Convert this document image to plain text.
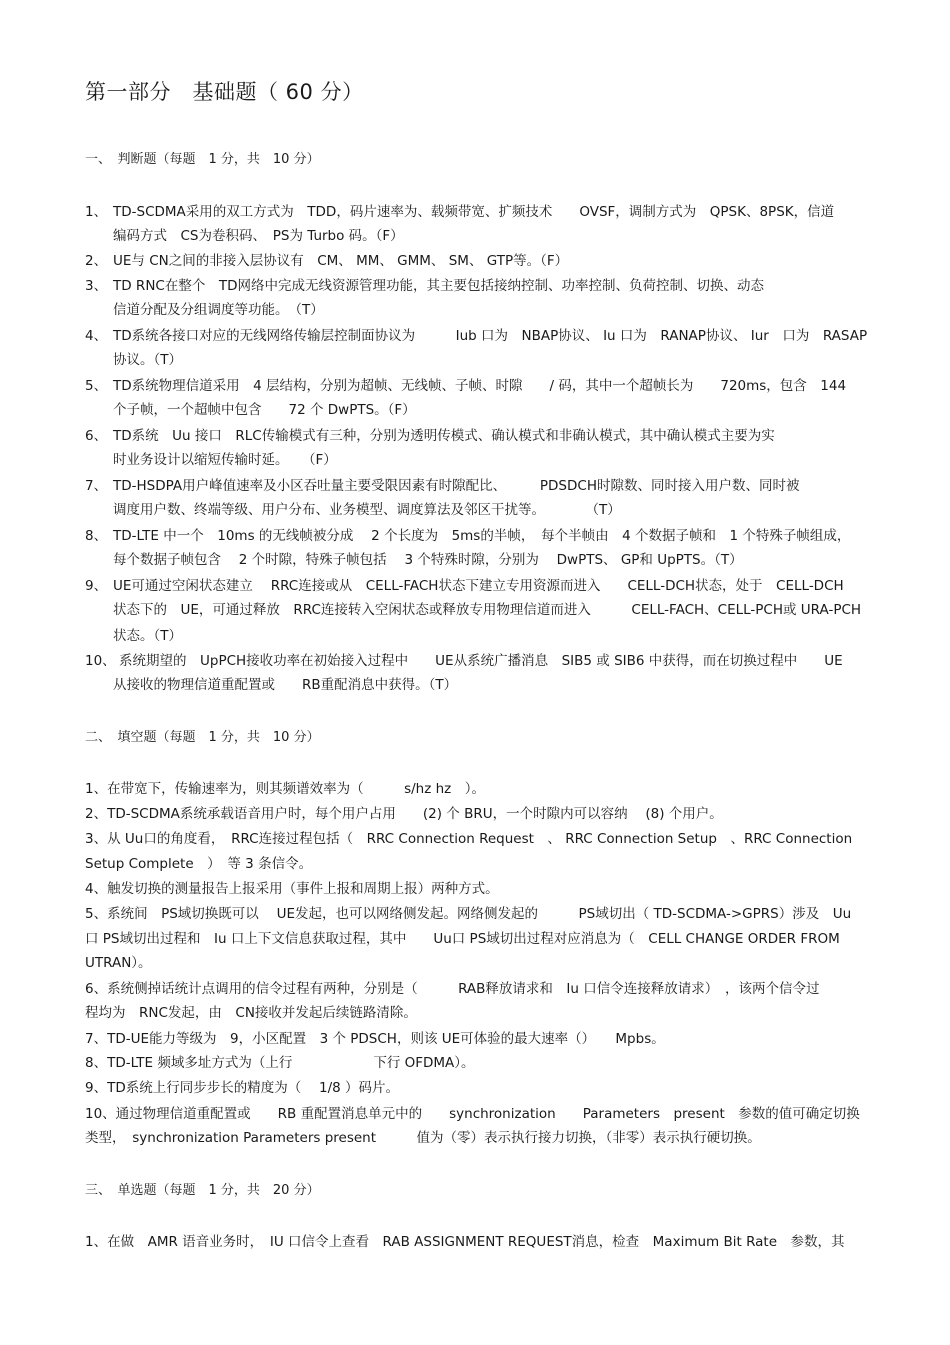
第一部分　基础题（ 60 分）
一、　判断题（每题　1 分，共　10 分）
1、 TD-SCDMA采用的双工方式为　TDD，码片速率为、载频带宽、扩频技术　　OVSF，调制方式为　QPSK、8PSK，信道
编码方式　CS为卷积码、　PS为 Turbo 码。（F）
2、 UE与 CN之间的非接入层协议有　CM、 MM、 GMM、 SM、 GTP等。（F）
3、 TD RNC在整个　TD网络中完成无线资源管理功能，其主要包括接纳控制、功率控制、负荷控制、切换、动态
信道分配及分组调度等功能。　（T）
4、 TD系统各接口对应的无线网络传输层控制面协议为　　　Iub 口为　NBAP协议、 Iu 口为　RANAP协议、 Iur　口为　RASAP
协议。（T）
5、 TD系统物理信道采用　4 层结构，分别为超帧、无线帧、子帧、时隙　　/ 码，其中一个超帧长为　　720ms，包含　144
个子帧，一个超帧中包含　　72 个 DwPTS。（F）
6、 TD系统　Uu 接口　RLC传输模式有三种，分别为透明传模式、确认模式和非确认模式，其中确认模式主要为实
时业务设计以缩短传输时延。　　（F）
7、 TD-HSDPA用户峰值速率及小区吞吐量主要受限因素有时隙配比、　　　PDSDCH时隙数、同时接入用户数、同时被
调度用户数、终端等级、用户分布、业务模型、调度算法及邻区干扰等。　　　　（T）
8、 TD-LTE 中一个　10ms 的无线帧被分成　 2 个长度为　5ms的半帧，　每个半帧由　4 个数据子帧和　1 个特殊子帧组成，
每个数据子帧包含　 2 个时隙，特殊子帧包括　 3 个特殊时隙，分别为　 DwPTS、 GP和 UpPTS。（T）
9、 UE可通过空闲状态建立　 RRC连接或从　CELL-FACH状态下建立专用资源而进入　　CELL-DCH状态，处于　CELL-DCH
状态下的　UE，可通过释放　RRC连接转入空闲状态或释放专用物理信道而进入　　　CELL-FACH、CELL-PCH或 URA-PCH
状态。（T）
10、 系统期望的　UpPCH接收功率在初始接入过程中　　UE从系统广播消息　SIB5 或 SIB6 中获得，而在切换过程中　　UE
从接收的物理信道重配置或　　RB重配消息中获得。（T）
二、　填空题（每题　1 分，共　10 分）
1、在带宽下，传输速率为，则其频谱效率为（　　　s/hz hz　）。
2、TD-SCDMA系统承载语音用户时，每个用户占用　　(2) 个 BRU，一个时隙内可以容纳　 (8) 个用户。
3、从 Uu口的角度看，　RRC连接过程包括（　RRC Connection Request　、 RRC Connection Setup　、RRC Connection
Setup Complete　）　等 3 条信令。
4、触发切换的测量报告上报采用（事件上报和周期上报）两种方式。
5、系统间　PS域切换既可以　 UE发起，也可以网络侧发起。网络侧发起的　　　PS域切出（ TD-SCDMA->GPRS）涉及　Uu
口 PS域切出过程和　Iu 口上下文信息获取过程，其中　　Uu口 PS域切出过程对应消息为（　CELL CHANGE ORDER FROM
UTRAN）。
6、系统侧掉话统计点调用的信令过程有两种，分别是（　　　RAB释放请求和　Iu 口信令连接释放请求）　，该两个信令过
程均为　RNC发起，由　CN接收并发起后续链路清除。
7、TD-UE能力等级为　9，小区配置　3 个 PDSCH，则该 UE可体验的最大速率（）　　Mpbs。
8、TD-LTE 频域多址方式为（上行　　　　　　下行 OFDMA）。
9、TD系统上行同步步长的精度为（　 1/8 ）码片。
10、通过物理信道重配置或　　RB 重配置消息单元中的　　synchronization　　Parameters　present　参数的值可确定切换
类型，　synchronization Parameters present　　　值为（零）表示执行接力切换，（非零）表示执行硬切换。
三、　单选题（每题　1 分，共　20 分）
1、在做　AMR 语音业务时，　IU 口信令上查看　RAB ASSIGNMENT REQUEST消息，检查　Maximum Bit Rate　参数，其
